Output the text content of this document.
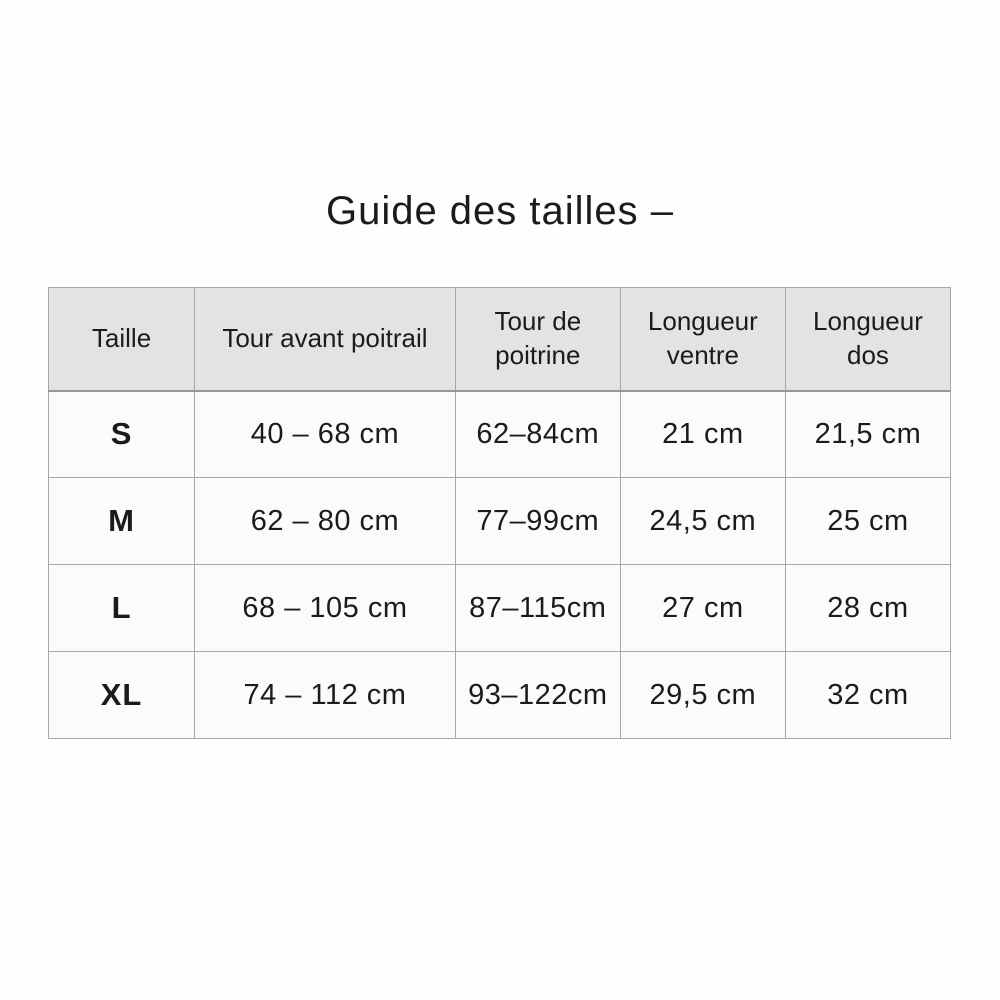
Guide des tailles –
Taille	Tour avant poitrail	Tour de poitrine	Longueur ventre	Longueur dos
S	40 – 68 cm	62–84cm	21 cm	21,5 cm
M	62 – 80 cm	77–99cm	24,5 cm	25 cm
L	68 – 105 cm	87–115cm	27 cm	28 cm
XL	74 – 112 cm	93–122cm	29,5 cm	32 cm
